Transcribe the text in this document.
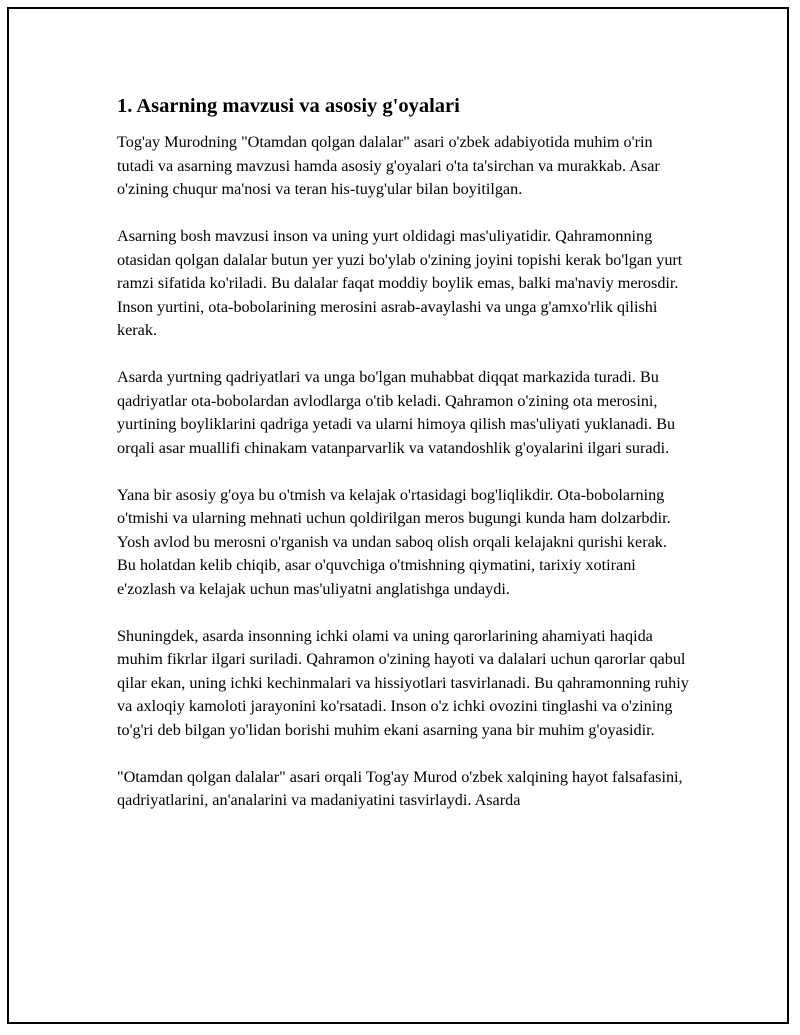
1. Asarning mavzusi va asosiy g'oyalari

Tog'ay Murodning "Otamdan qolgan dalalar" asari o'zbek adabiyotida muhim o'rin tutadi va asarning mavzusi hamda asosiy g'oyalari o'ta ta'sirchan va murakkab. Asar o'zining chuqur ma'nosi va teran his-tuyg'ular bilan boyitilgan.

Asarning bosh mavzusi inson va uning yurt oldidagi mas'uliyatidir. Qahramonning otasidan qolgan dalalar butun yer yuzi bo'ylab o'zining joyini topishi kerak bo'lgan yurt ramzi sifatida ko'riladi. Bu dalalar faqat moddiy boylik emas, balki ma'naviy merosdir. Inson yurtini, ota-bobolarining merosini asrab-avaylashi va unga g'amxo'rlik qilishi kerak.

Asarda yurtning qadriyatlari va unga bo'lgan muhabbat diqqat markazida turadi. Bu qadriyatlar ota-bobolardan avlodlarga o'tib keladi. Qahramon o'zining ota merosini, yurtining boyliklarini qadriga yetadi va ularni himoya qilish mas'uliyati yuklanadi. Bu orqali asar muallifi chinakam vatanparvarlik va vatandoshlik g'oyalarini ilgari suradi.

Yana bir asosiy g'oya bu o'tmish va kelajak o'rtasidagi bog'liqlikdir. Ota-bobolarning o'tmishi va ularning mehnati uchun qoldirilgan meros bugungi kunda ham dolzarbdir. Yosh avlod bu merosni o'rganish va undan saboq olish orqali kelajakni qurishi kerak. Bu holatdan kelib chiqib, asar o'quvchiga o'tmishning qiymatini, tarixiy xotirani e'zozlash va kelajak uchun mas'uliyatni anglatishga undaydi.

Shuningdek, asarda insonning ichki olami va uning qarorlarining ahamiyati haqida muhim fikrlar ilgari suriladi. Qahramon o'zining hayoti va dalalari uchun qarorlar qabul qilar ekan, uning ichki kechinmalari va hissiyotlari tasvirlanadi. Bu qahramonning ruhiy va axloqiy kamoloti jarayonini ko'rsatadi. Inson o'z ichki ovozini tinglashi va o'zining to'g'ri deb bilgan yo'lidan borishi muhim ekani asarning yana bir muhim g'oyasidir.

"Otamdan qolgan dalalar" asari orqali Tog'ay Murod o'zbek xalqining hayot falsafasini, qadriyatlarini, an'analarini va madaniyatini tasvirlaydi. Asarda
